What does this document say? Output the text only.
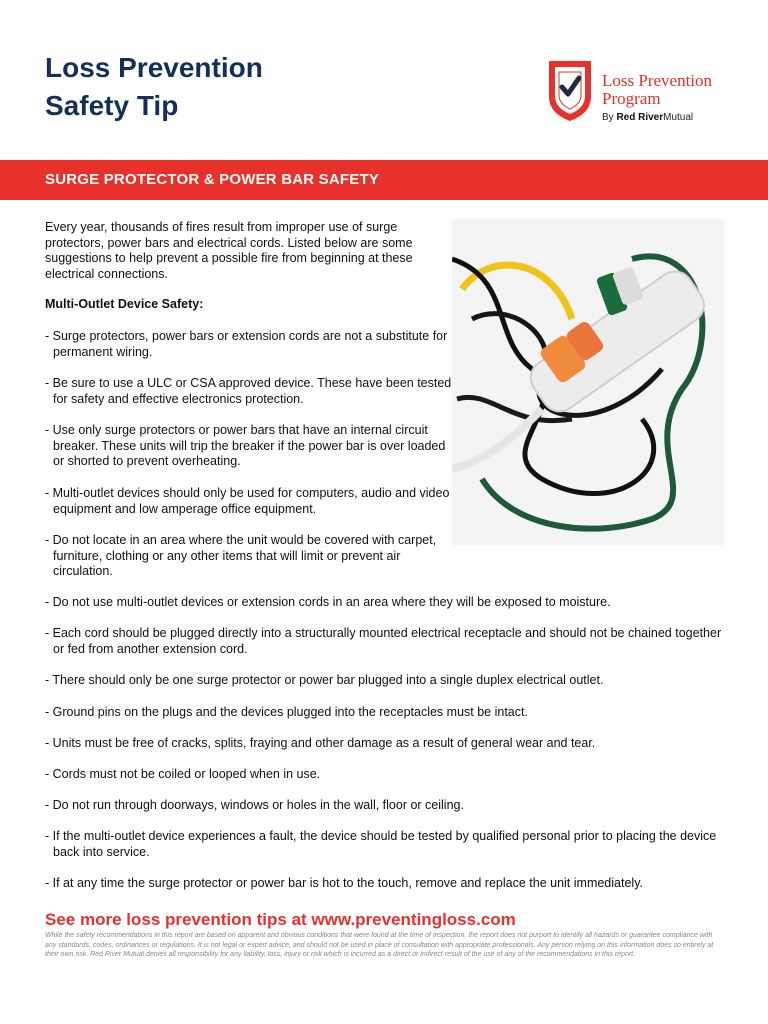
Loss Prevention
Safety Tip
Loss Prevention
Program
By Red RiverMutual
SURGE PROTECTOR & POWER BAR SAFETY
Every year, thousands of fires result from improper use of surge protectors, power bars and electrical cords. Listed below are some suggestions to help prevent a possible fire from beginning at these electrical connections.
Multi-Outlet Device Safety:
- Surge protectors, power bars or extension cords are not a substitute for permanent wiring.
- Be sure to use a ULC or CSA approved device. These have been tested for safety and effective electronics protection.
- Use only surge protectors or power bars that have an internal circuit breaker. These units will trip the breaker if the power bar is over loaded or shorted to prevent overheating.
- Multi-outlet devices should only be used for computers, audio and video equipment and low amperage office equipment.
- Do not locate in an area where the unit would be covered with carpet, furniture, clothing or any other items that will limit or prevent air circulation.
- Do not use multi-outlet devices or extension cords in an area where they will be exposed to moisture.
- Each cord should be plugged directly into a structurally mounted electrical receptacle and should not be chained together or fed from another extension cord.
- There should only be one surge protector or power bar plugged into a single duplex electrical outlet.
- Ground pins on the plugs and the devices plugged into the receptacles must be intact.
- Units must be free of cracks, splits, fraying and other damage as a result of general wear and tear.
- Cords must not be coiled or looped when in use.
- Do not run through doorways, windows or holes in the wall, floor or ceiling.
- If the multi-outlet device experiences a fault, the device should be tested by qualified personal prior to placing the device back into service.
- If at any time the surge protector or power bar is hot to the touch, remove and replace the unit immediately.
See more loss prevention tips at www.preventingloss.com
While the safety recommendations in this report are based on apparent and obvious conditions that were found at the time of inspection, the report does not purport to identify all hazards or guarantee compliance with any standards, codes, ordinances or regulations. It is not legal or expert advice, and should not be used in place of consultation with appropriate professionals. Any person relying on this information does so entirely at their own risk. Red River Mutual denies all responsibility for any liability, loss, injury or risk which is incurred as a direct or indirect result of the use of any of the recommendations in this report.
